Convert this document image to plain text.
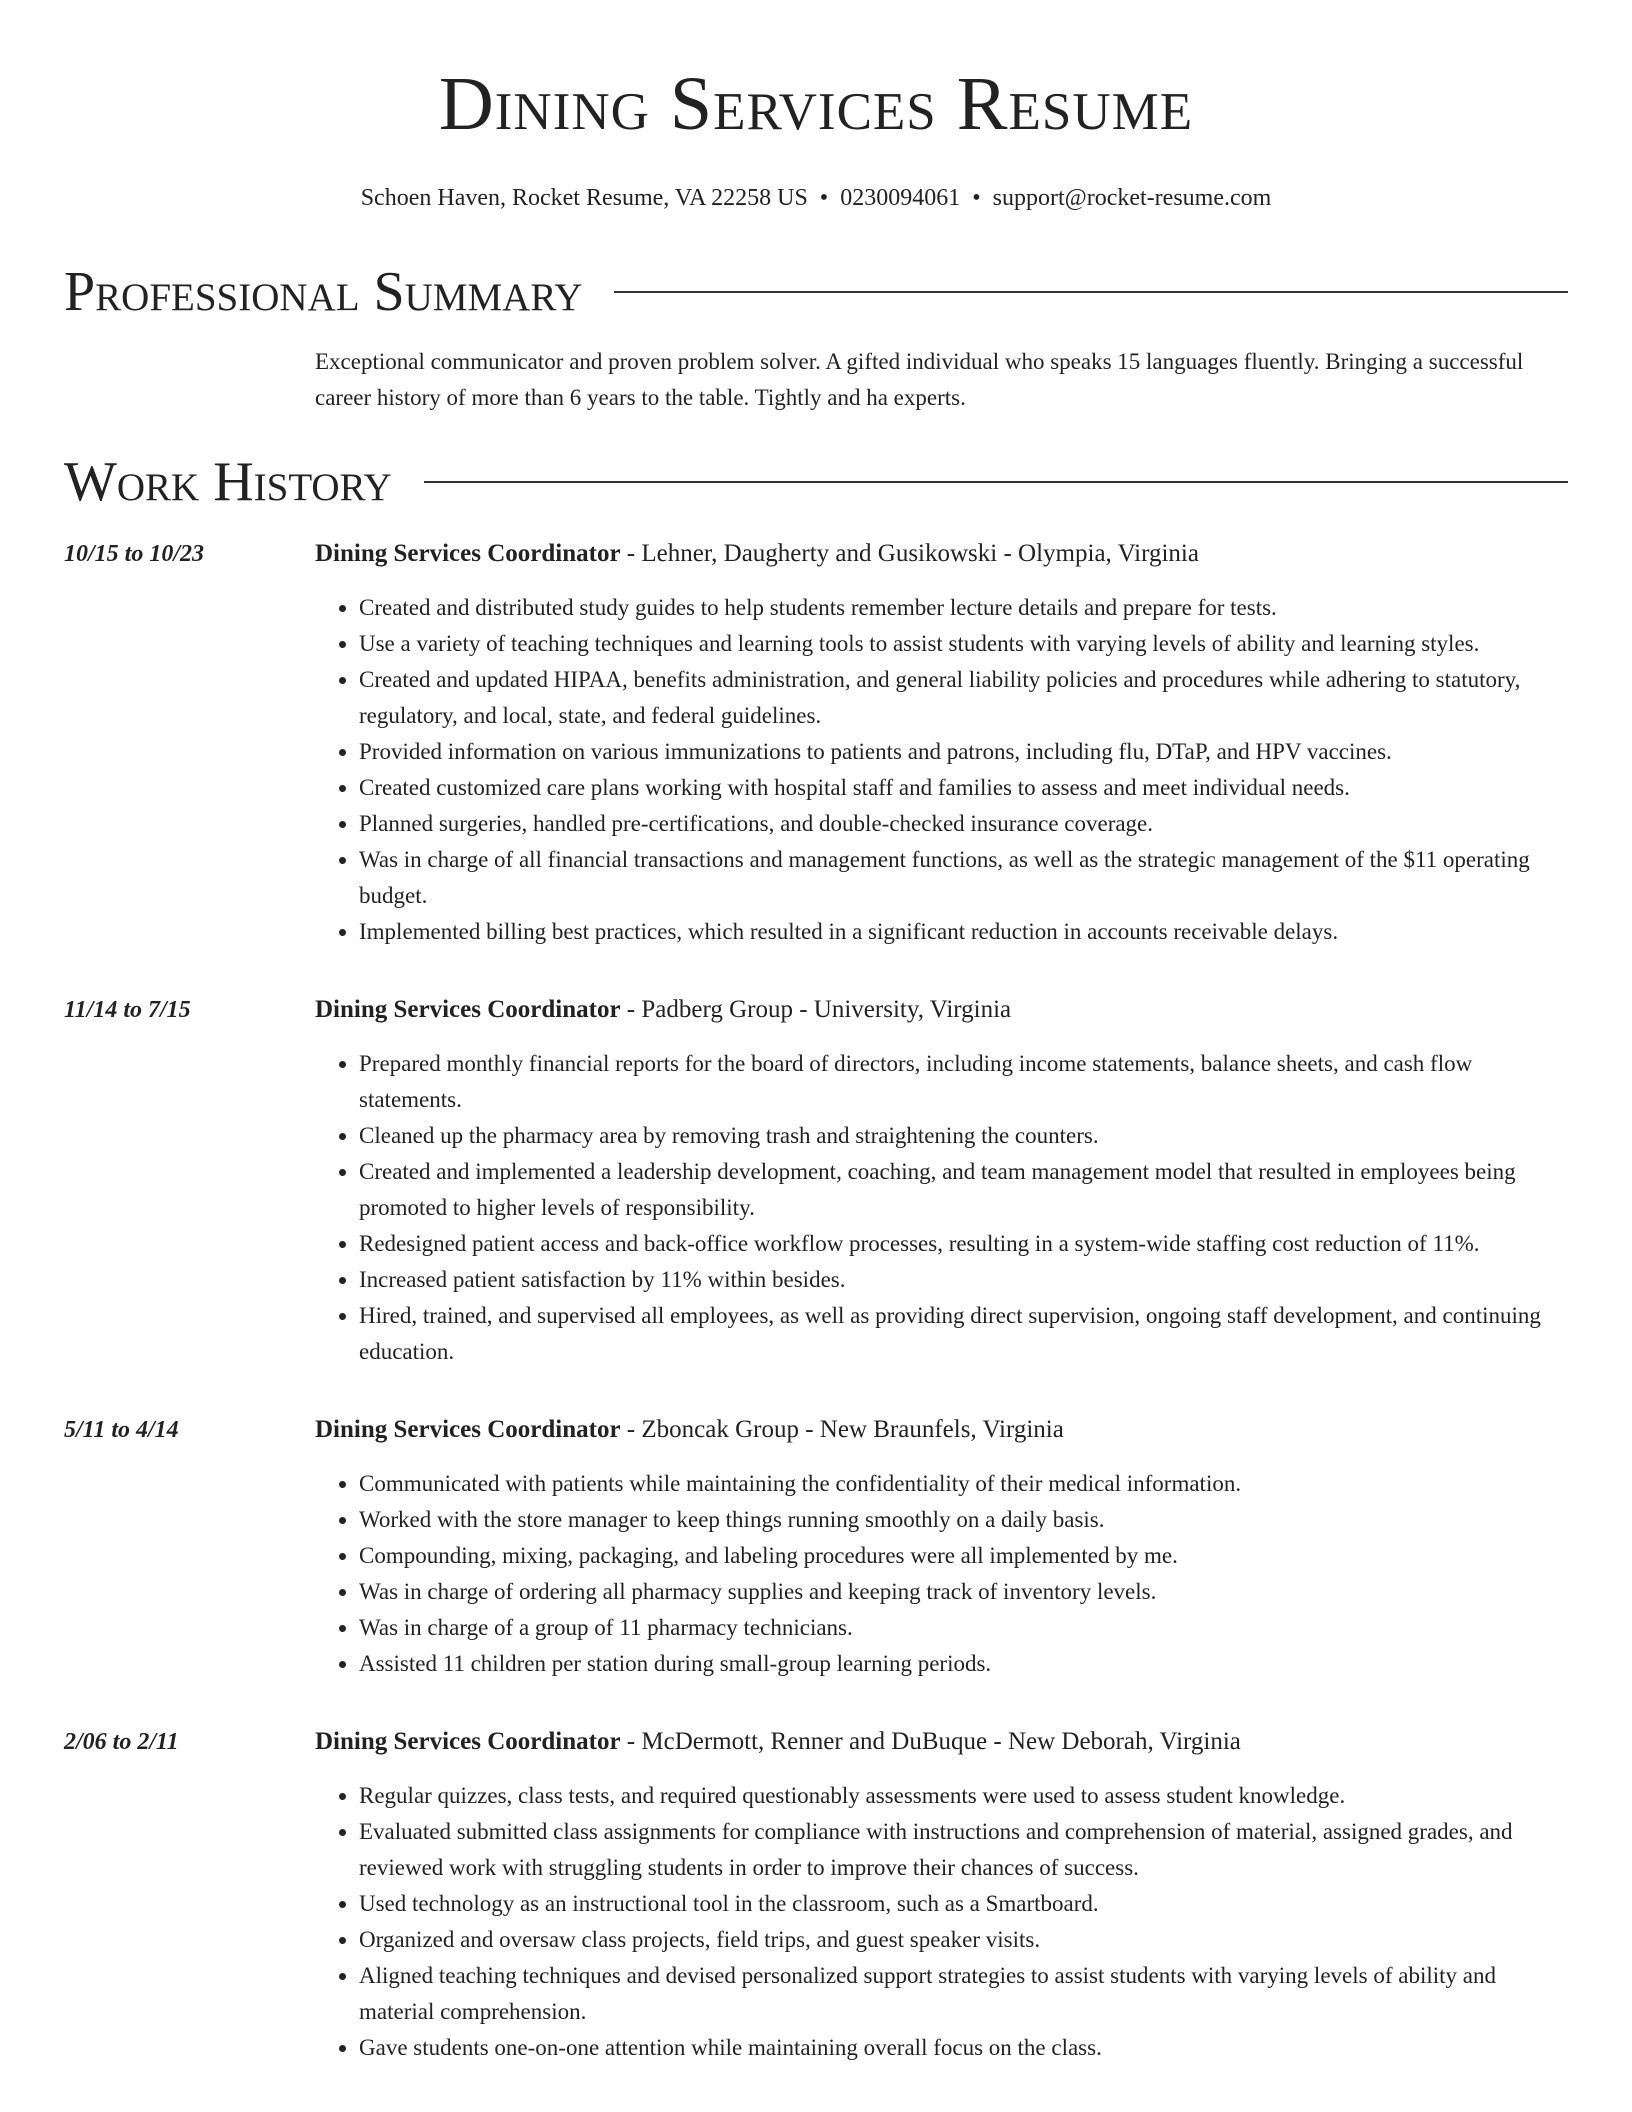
Dining Services Resume
Schoen Haven, Rocket Resume, VA 22258 US • 0230094061 • support@rocket-resume.com
Professional Summary
Exceptional communicator and proven problem solver. A gifted individual who speaks 15 languages fluently. Bringing a successful career history of more than 6 years to the table. Tightly and ha experts.
Work History
10/15 to 10/23	Dining Services Coordinator - Lehner, Daugherty and Gusikowski - Olympia, Virginia
• Created and distributed study guides to help students remember lecture details and prepare for tests.
• Use a variety of teaching techniques and learning tools to assist students with varying levels of ability and learning styles.
• Created and updated HIPAA, benefits administration, and general liability policies and procedures while adhering to statutory, regulatory, and local, state, and federal guidelines.
• Provided information on various immunizations to patients and patrons, including flu, DTaP, and HPV vaccines.
• Created customized care plans working with hospital staff and families to assess and meet individual needs.
• Planned surgeries, handled pre-certifications, and double-checked insurance coverage.
• Was in charge of all financial transactions and management functions, as well as the strategic management of the $11 operating budget.
• Implemented billing best practices, which resulted in a significant reduction in accounts receivable delays.
11/14 to 7/15	Dining Services Coordinator - Padberg Group - University, Virginia
• Prepared monthly financial reports for the board of directors, including income statements, balance sheets, and cash flow statements.
• Cleaned up the pharmacy area by removing trash and straightening the counters.
• Created and implemented a leadership development, coaching, and team management model that resulted in employees being promoted to higher levels of responsibility.
• Redesigned patient access and back-office workflow processes, resulting in a system-wide staffing cost reduction of 11%.
• Increased patient satisfaction by 11% within besides.
• Hired, trained, and supervised all employees, as well as providing direct supervision, ongoing staff development, and continuing education.
5/11 to 4/14	Dining Services Coordinator - Zboncak Group - New Braunfels, Virginia
• Communicated with patients while maintaining the confidentiality of their medical information.
• Worked with the store manager to keep things running smoothly on a daily basis.
• Compounding, mixing, packaging, and labeling procedures were all implemented by me.
• Was in charge of ordering all pharmacy supplies and keeping track of inventory levels.
• Was in charge of a group of 11 pharmacy technicians.
• Assisted 11 children per station during small-group learning periods.
2/06 to 2/11	Dining Services Coordinator - McDermott, Renner and DuBuque - New Deborah, Virginia
• Regular quizzes, class tests, and required questionably assessments were used to assess student knowledge.
• Evaluated submitted class assignments for compliance with instructions and comprehension of material, assigned grades, and reviewed work with struggling students in order to improve their chances of success.
• Used technology as an instructional tool in the classroom, such as a Smartboard.
• Organized and oversaw class projects, field trips, and guest speaker visits.
• Aligned teaching techniques and devised personalized support strategies to assist students with varying levels of ability and material comprehension.
• Gave students one-on-one attention while maintaining overall focus on the class.
